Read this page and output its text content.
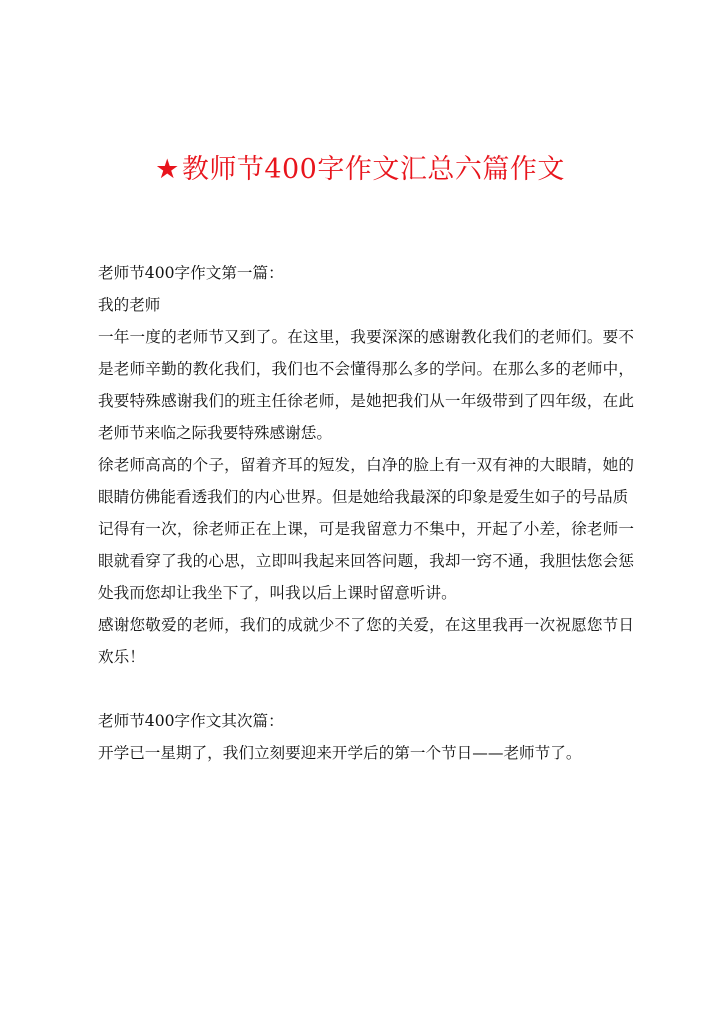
★教师节400字作文汇总六篇作文

老师节400字作文第一篇：

我的老师

一年一度的老师节又到了。在这里，我要深深的感谢教化我们的老师们。要不是老师辛勤的教化我们，我们也不会懂得那么多的学问。在那么多的老师中，我要特殊感谢我们的班主任徐老师，是她把我们从一年级带到了四年级，在此老师节来临之际我要特殊感谢恁。

徐老师高高的个子，留着齐耳的短发，白净的脸上有一双有神的大眼睛，她的眼睛仿佛能看透我们的内心世界。但是她给我最深的印象是爱生如子的号品质

记得有一次，徐老师正在上课，可是我留意力不集中，开起了小差，徐老师一眼就看穿了我的心思，立即叫我起来回答问题，我却一窍不通，我胆怯您会惩处我而您却让我坐下了，叫我以后上课时留意听讲。

感谢您敬爱的老师，我们的成就少不了您的关爱，在这里我再一次祝愿您节日欢乐！

老师节400字作文其次篇：

开学已一星期了，我们立刻要迎来开学后的第一个节日——老师节了。
